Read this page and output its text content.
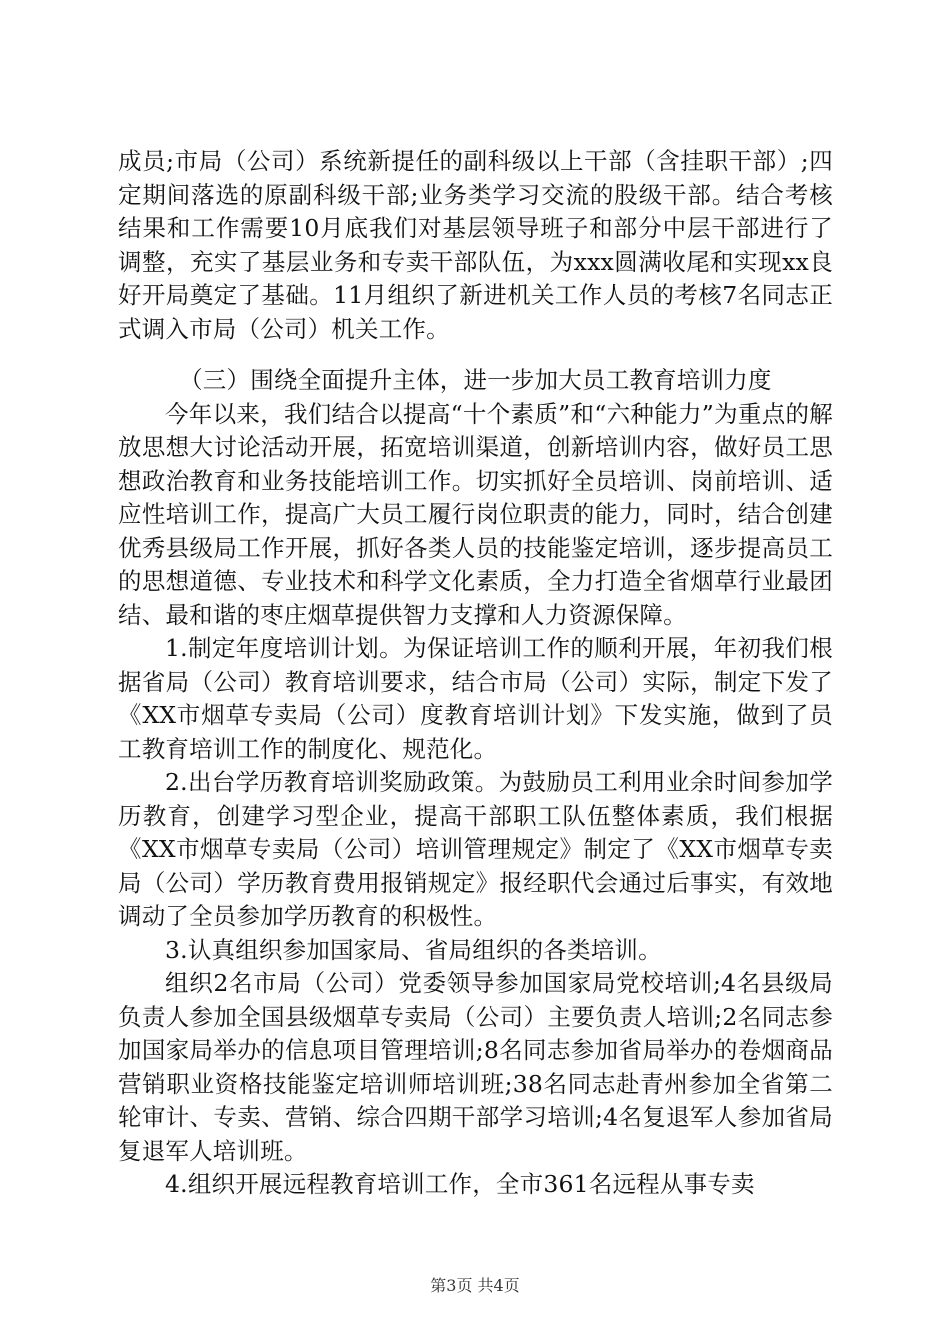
成员;市局（公司）系统新提任的副科级以上干部（含挂职干部）;四定期间落选的原副科级干部;业务类学习交流的股级干部。结合考核结果和工作需要10月底我们对基层领导班子和部分中层干部进行了调整，充实了基层业务和专卖干部队伍，为xxx圆满收尾和实现xx良好开局奠定了基础。11月组织了新进机关工作人员的考核7名同志正式调入市局（公司）机关工作。

（三）围绕全面提升主体，进一步加大员工教育培训力度

今年以来，我们结合以提高“十个素质”和“六种能力”为重点的解放思想大讨论活动开展，拓宽培训渠道，创新培训内容，做好员工思想政治教育和业务技能培训工作。切实抓好全员培训、岗前培训、适应性培训工作，提高广大员工履行岗位职责的能力，同时，结合创建优秀县级局工作开展，抓好各类人员的技能鉴定培训，逐步提高员工的思想道德、专业技术和科学文化素质，全力打造全省烟草行业最团结、最和谐的枣庄烟草提供智力支撑和人力资源保障。

1.制定年度培训计划。为保证培训工作的顺利开展，年初我们根据省局（公司）教育培训要求，结合市局（公司）实际，制定下发了《XX市烟草专卖局（公司）度教育培训计划》下发实施，做到了员工教育培训工作的制度化、规范化。

2.出台学历教育培训奖励政策。为鼓励员工利用业余时间参加学历教育，创建学习型企业，提高干部职工队伍整体素质，我们根据《XX市烟草专卖局（公司）培训管理规定》制定了《XX市烟草专卖局（公司）学历教育费用报销规定》报经职代会通过后事实，有效地调动了全员参加学历教育的积极性。

3.认真组织参加国家局、省局组织的各类培训。

组织2名市局（公司）党委领导参加国家局党校培训;4名县级局负责人参加全国县级烟草专卖局（公司）主要负责人培训;2名同志参加国家局举办的信息项目管理培训;8名同志参加省局举办的卷烟商品营销职业资格技能鉴定培训师培训班;38名同志赴青州参加全省第二轮审计、专卖、营销、综合四期干部学习培训;4名复退军人参加省局复退军人培训班。

4.组织开展远程教育培训工作，全市361名远程从事专卖

第3页 共4页
